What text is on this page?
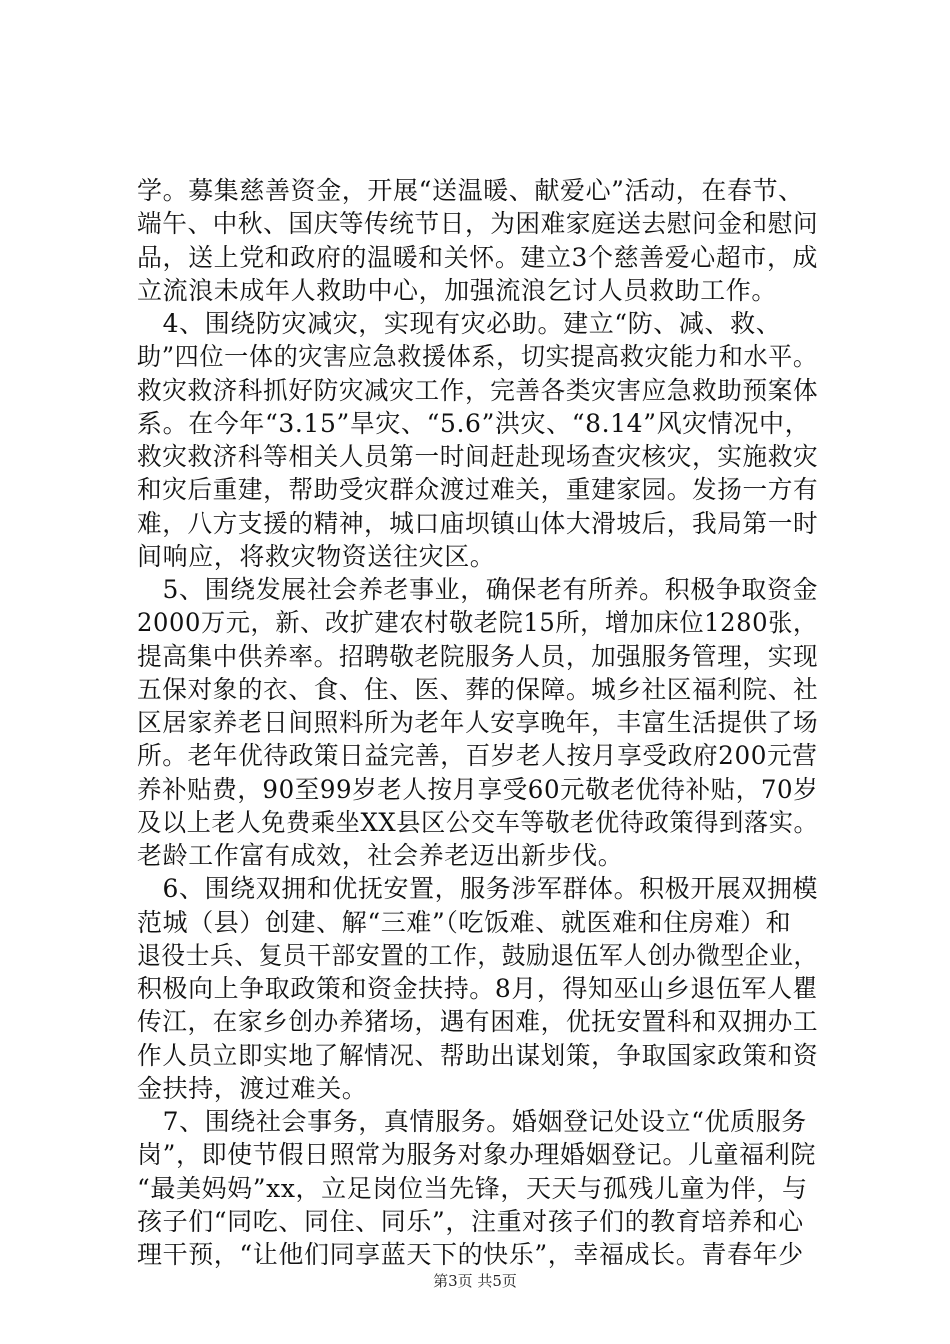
学。募集慈善资金，开展“送温暖、献爱心”活动，在春节、
端午、中秋、国庆等传统节日，为困难家庭送去慰问金和慰问
品，送上党和政府的温暖和关怀。建立3个慈善爱心超市，成
立流浪未成年人救助中心，加强流浪乞讨人员救助工作。
　4、围绕防灾减灾，实现有灾必助。建立“防、减、救、
助”四位一体的灾害应急救援体系，切实提高救灾能力和水平。
救灾救济科抓好防灾减灾工作，完善各类灾害应急救助预案体
系。在今年“3.15”旱灾、“5.6”洪灾、“8.14”风灾情况中，
救灾救济科等相关人员第一时间赶赴现场查灾核灾，实施救灾
和灾后重建，帮助受灾群众渡过难关，重建家园。发扬一方有
难，八方支援的精神，城口庙坝镇山体大滑坡后，我局第一时
间响应，将救灾物资送往灾区。
　5、围绕发展社会养老事业，确保老有所养。积极争取资金
2000万元，新、改扩建农村敬老院15所，增加床位1280张，
提高集中供养率。招聘敬老院服务人员，加强服务管理，实现
五保对象的衣、食、住、医、葬的保障。城乡社区福利院、社
区居家养老日间照料所为老年人安享晚年，丰富生活提供了场
所。老年优待政策日益完善，百岁老人按月享受政府200元营
养补贴费，90至99岁老人按月享受60元敬老优待补贴，70岁
及以上老人免费乘坐XX县区公交车等敬老优待政策得到落实。
老龄工作富有成效，社会养老迈出新步伐。
　6、围绕双拥和优抚安置，服务涉军群体。积极开展双拥模
范城（县）创建、解“三难”（吃饭难、就医难和住房难）和
退役士兵、复员干部安置的工作，鼓励退伍军人创办微型企业，
积极向上争取政策和资金扶持。8月，得知巫山乡退伍军人瞿
传江，在家乡创办养猪场，遇有困难，优抚安置科和双拥办工
作人员立即实地了解情况、帮助出谋划策，争取国家政策和资
金扶持，渡过难关。
　7、围绕社会事务，真情服务。婚姻登记处设立“优质服务
岗”，即使节假日照常为服务对象办理婚姻登记。儿童福利院
“最美妈妈”xx，立足岗位当先锋，天天与孤残儿童为伴，与
孩子们“同吃、同住、同乐”，注重对孩子们的教育培养和心
理干预，“让他们同享蓝天下的快乐”，幸福成长。青春年少
第3页 共5页
